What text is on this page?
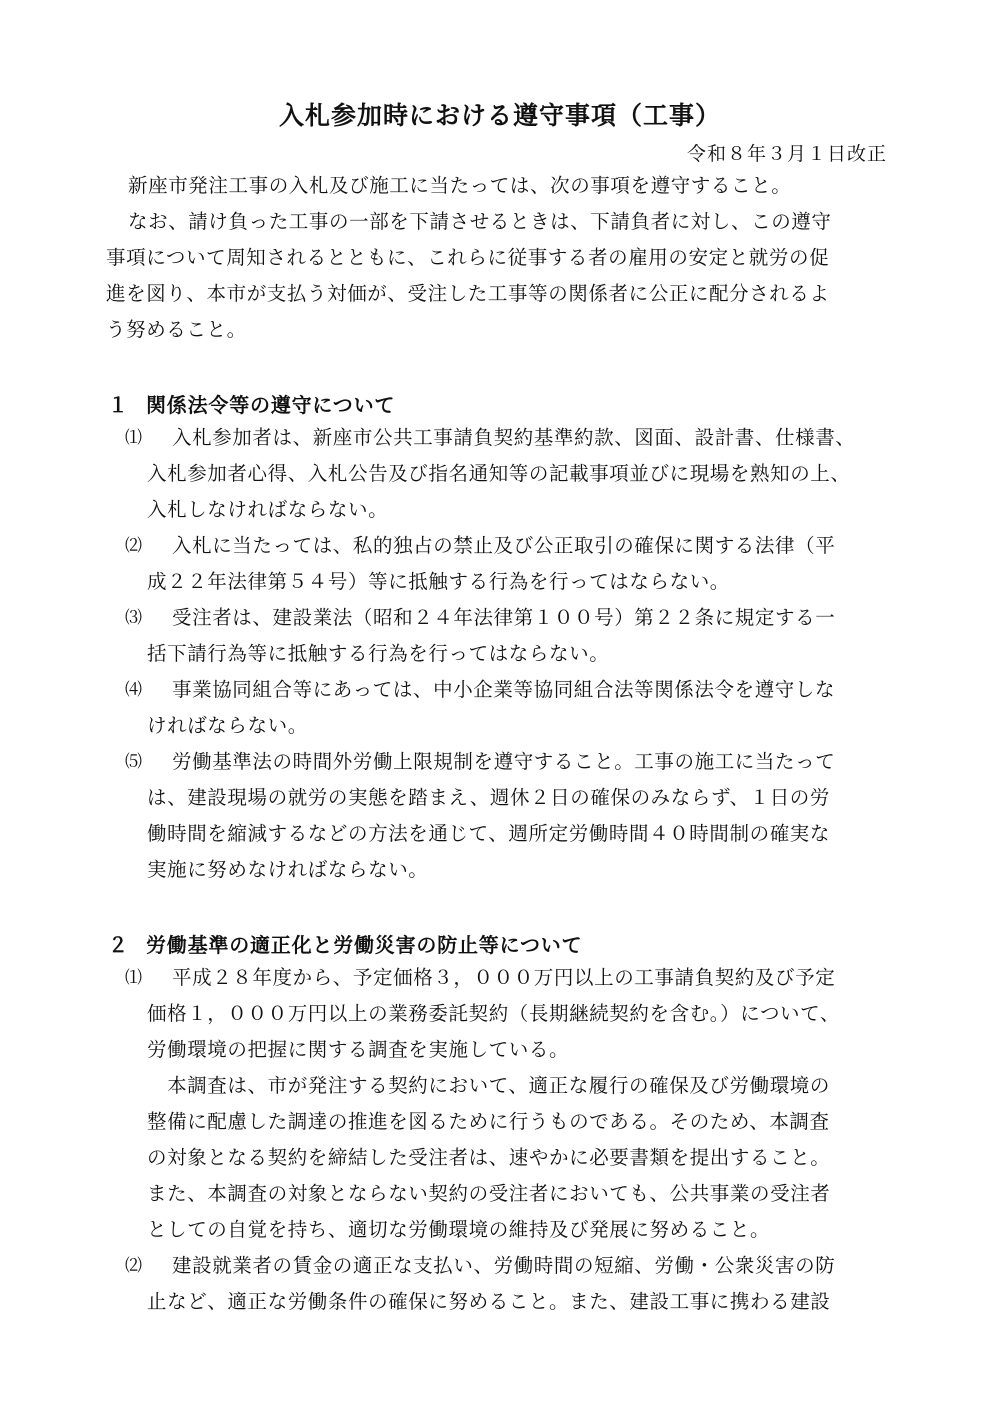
入札参加時における遵守事項（工事）
令和８年３月１日改正
新座市発注工事の入札及び施工に当たっては、次の事項を遵守すること。
なお、請け負った工事の一部を下請させるときは、下請負者に対し、この遵守
事項について周知されるとともに、これらに従事する者の雇用の安定と就労の促
進を図り、本市が支払う対価が、受注した工事等の関係者に公正に配分されるよ
う努めること。
１ 関係法令等の遵守について
⑴	入札参加者は、新座市公共工事請負契約基準約款、図面、設計書、仕様書、
入札参加者心得、入札公告及び指名通知等の記載事項並びに現場を熟知の上、
入札しなければならない。
⑵	入札に当たっては、私的独占の禁止及び公正取引の確保に関する法律（平
成２２年法律第５４号）等に抵触する行為を行ってはならない。
⑶	受注者は、建設業法（昭和２４年法律第１００号）第２２条に規定する一
括下請行為等に抵触する行為を行ってはならない。
⑷	事業協同組合等にあっては、中小企業等協同組合法等関係法令を遵守しな
ければならない。
⑸	労働基準法の時間外労働上限規制を遵守すること。工事の施工に当たって
は、建設現場の就労の実態を踏まえ、週休２日の確保のみならず、１日の労
働時間を縮減するなどの方法を通じて、週所定労働時間４０時間制の確実な
実施に努めなければならない。
２ 労働基準の適正化と労働災害の防止等について
⑴	平成２８年度から、予定価格３，０００万円以上の工事請負契約及び予定
価格１，０００万円以上の業務委託契約（長期継続契約を含む。）について、
労働環境の把握に関する調査を実施している。
　本調査は、市が発注する契約において、適正な履行の確保及び労働環境の
整備に配慮した調達の推進を図るために行うものである。そのため、本調査
の対象となる契約を締結した受注者は、速やかに必要書類を提出すること。
また、本調査の対象とならない契約の受注者においても、公共事業の受注者
としての自覚を持ち、適切な労働環境の維持及び発展に努めること。
⑵	建設就業者の賃金の適正な支払い、労働時間の短縮、労働・公衆災害の防
止など、適正な労働条件の確保に努めること。また、建設工事に携わる建設
